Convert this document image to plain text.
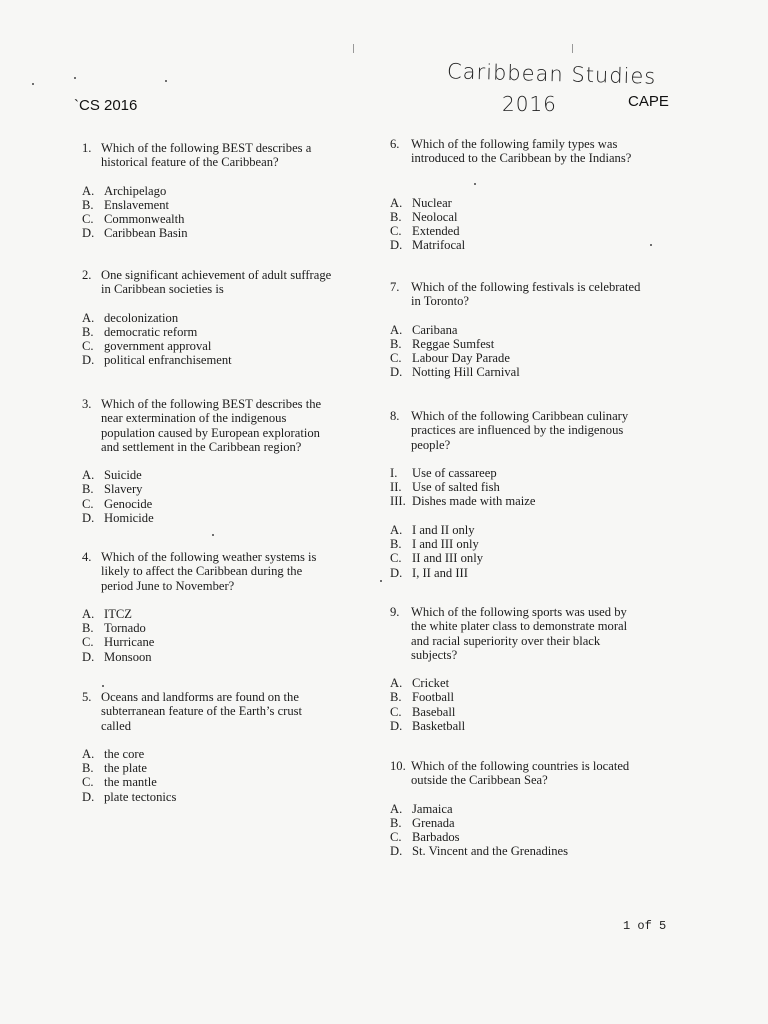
`CS 2016
Caribbean Studies
2016	CAPE
1. Which of the following BEST describes a
historical feature of the Caribbean?
A. Archipelago
B. Enslavement
C. Commonwealth
D. Caribbean Basin
2. One significant achievement of adult suffrage
in Caribbean societies is
A. decolonization
B. democratic reform
C. government approval
D. political enfranchisement
3. Which of the following BEST describes the
near extermination of the indigenous
population caused by European exploration
and settlement in the Caribbean region?
A. Suicide
B. Slavery
C. Genocide
D. Homicide
4. Which of the following weather systems is
likely to affect the Caribbean during the
period June to November?
A. ITCZ
B. Tornado
C. Hurricane
D. Monsoon
5. Oceans and landforms are found on the
subterranean feature of the Earth’s crust
called
A. the core
B. the plate
C. the mantle
D. plate tectonics
6. Which of the following family types was
introduced to the Caribbean by the Indians?
A. Nuclear
B. Neolocal
C. Extended
D. Matrifocal
7. Which of the following festivals is celebrated
in Toronto?
A. Caribana
B. Reggae Sumfest
C. Labour Day Parade
D. Notting Hill Carnival
8. Which of the following Caribbean culinary
practices are influenced by the indigenous
people?
I.	Use of cassareep
II. Use of salted fish
III. Dishes made with maize
A. I and II only
B. I and III only
C. II and III only
D. I, II and III
9. Which of the following sports was used by
the white plater class to demonstrate moral
and racial superiority over their black
subjects?
A. Cricket
B. Football
C. Baseball
D. Basketball
10. Which of the following countries is located
outside the Caribbean Sea?
A. Jamaica
B. Grenada
C. Barbados
D. St. Vincent and the Grenadines
1 of 5
